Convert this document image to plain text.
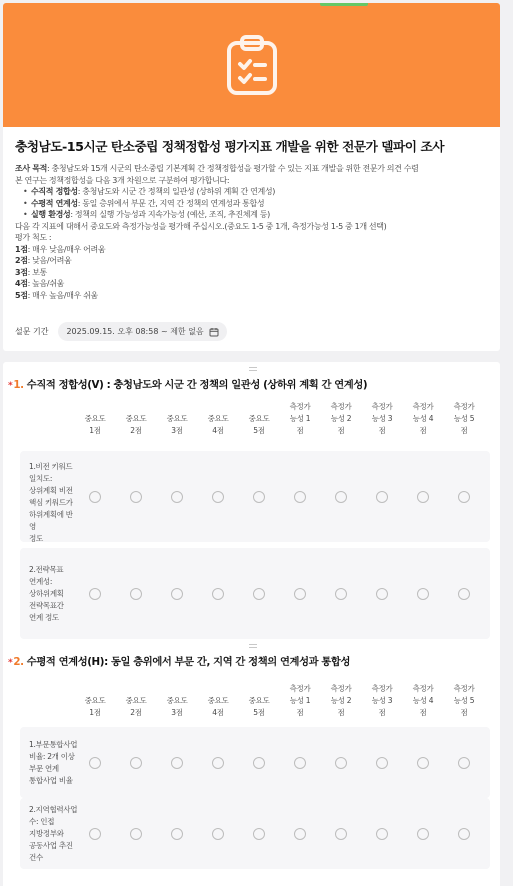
충청남도-15시군 탄소중립 정책정합성 평가지표 개발을 위한 전문가 델파이 조사
조사 목적: 충청남도와 15개 시군의 탄소중립 기본계획 간 정책정합성을 평가할 수 있는 지표 개발을 위한 전문가 의견 수렴
본 연구는 정책정합성을 다음 3개 차원으로 구분하여 평가합니다:
• 수직적 정합성: 충청남도와 시군 간 정책의 일관성 (상하위 계획 간 연계성)
• 수평적 연계성: 동일 층위에서 부문 간, 지역 간 정책의 연계성과 통합성
• 실행 환경성: 정책의 실행 가능성과 지속가능성 (예산, 조직, 추진체계 등)
다음 각 지표에 대해서 중요도와 측정가능성을 평가해 주십시오.(중요도 1-5 중 1개, 측정가능성 1-5 중 1개 선택)
평가 척도 :
1점: 매우 낮음/매우 어려움
2점: 낮음/어려움
3점: 보통
4점: 높음/쉬움
5점: 매우 높음/매우 쉬움
설문 기간 2025.09.15. 오후 08:58 ~ 제한 없음
*1. 수직적 정합성(V) : 충청남도와 시군 간 정책의 일관성 (상하위 계획 간 연계성)
중요도
1점
중요도
2점
중요도
3점
중요도
4점
중요도
5점
측정가
능성 1
점
측정가
능성 2
점
측정가
능성 3
점
측정가
능성 4
점
측정가
능성 5
점
1.비전 키워드
일치도:
상위계획 비전
핵심 키워드가
하위계획에 반영
정도
2.전략목표
연계성:
상하위계획
전략목표간
연계 정도
*2. 수평적 연계성(H): 동일 층위에서 부문 간, 지역 간 정책의 연계성과 통합성
중요도
1점
중요도
2점
중요도
3점
중요도
4점
중요도
5점
측정가
능성 1
점
측정가
능성 2
점
측정가
능성 3
점
측정가
능성 4
점
측정가
능성 5
점
1.부문통합사업
비율: 2개 이상
부문 연계
통합사업 비율
2.지역협력사업
수: 인접
지방정부와
공동사업 추진
건수
